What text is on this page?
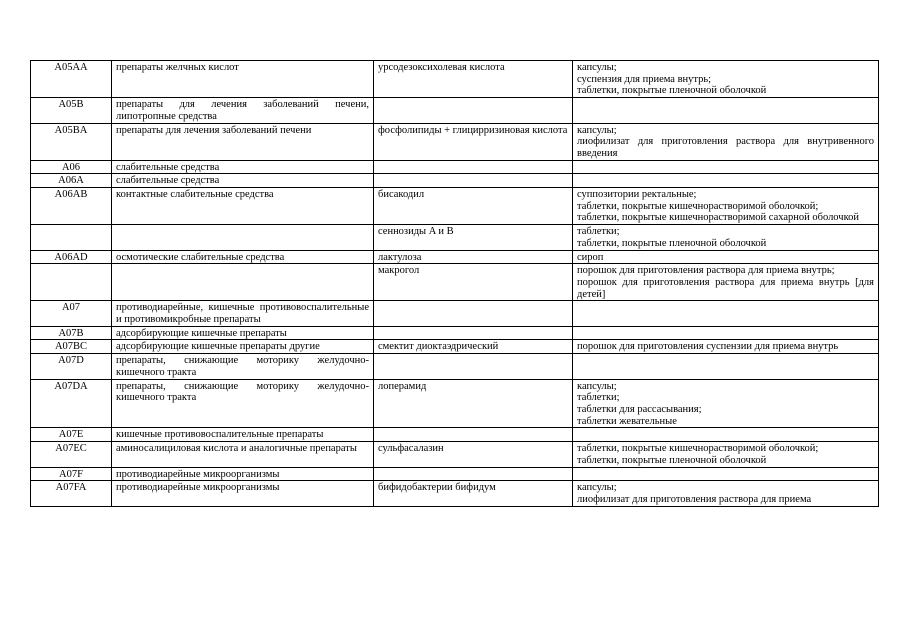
A05AA	препараты желчных кислот	урсодезоксихолевая кислота	капсулы;
суспензия для приема внутрь;
таблетки, покрытые пленочной оболочкой

A05B	препараты для лечения заболеваний печени, липотропные средства		
A05BA	препараты для лечения заболеваний печени	фосфолипиды + глицирризиновая кислота	капсулы;
лиофилизат для приготовления раствора для внутривенного введения

A06	слабительные средства		
A06A	слабительные средства		
A06AB	контактные слабительные средства	бисакодил	суппозитории ректальные;
таблетки, покрытые кишечнорастворимой оболочкой;
таблетки, покрытые кишечнорастворимой сахарной оболочкой

		сеннозиды A и B	таблетки;
таблетки, покрытые пленочной оболочкой

A06AD	осмотические слабительные средства	лактулоза	сироп

		макрогол	порошок для приготовления раствора для приема внутрь;
порошок для приготовления раствора для приема внутрь [для детей]

A07	противодиарейные, кишечные противовоспалительные и противомикробные препараты		
A07B	адсорбирующие кишечные препараты		
A07BC	адсорбирующие кишечные препараты другие	смектит диоктаэдрический	порошок для приготовления суспензии для приема внутрь

A07D	препараты, снижающие моторику желудочно-кишечного тракта		
A07DA	препараты, снижающие моторику желудочно-кишечного тракта	лоперамид	капсулы;
таблетки;
таблетки для рассасывания;
таблетки жевательные

A07E	кишечные противовоспалительные препараты		
A07EC	аминосалициловая кислота и аналогичные препараты	сульфасалазин	таблетки, покрытые кишечнорастворимой оболочкой;
таблетки, покрытые пленочной оболочкой

A07F	противодиарейные микроорганизмы		
A07FA	противодиарейные микроорганизмы	бифидобактерии бифидум	капсулы;
лиофилизат для приготовления раствора для приема
